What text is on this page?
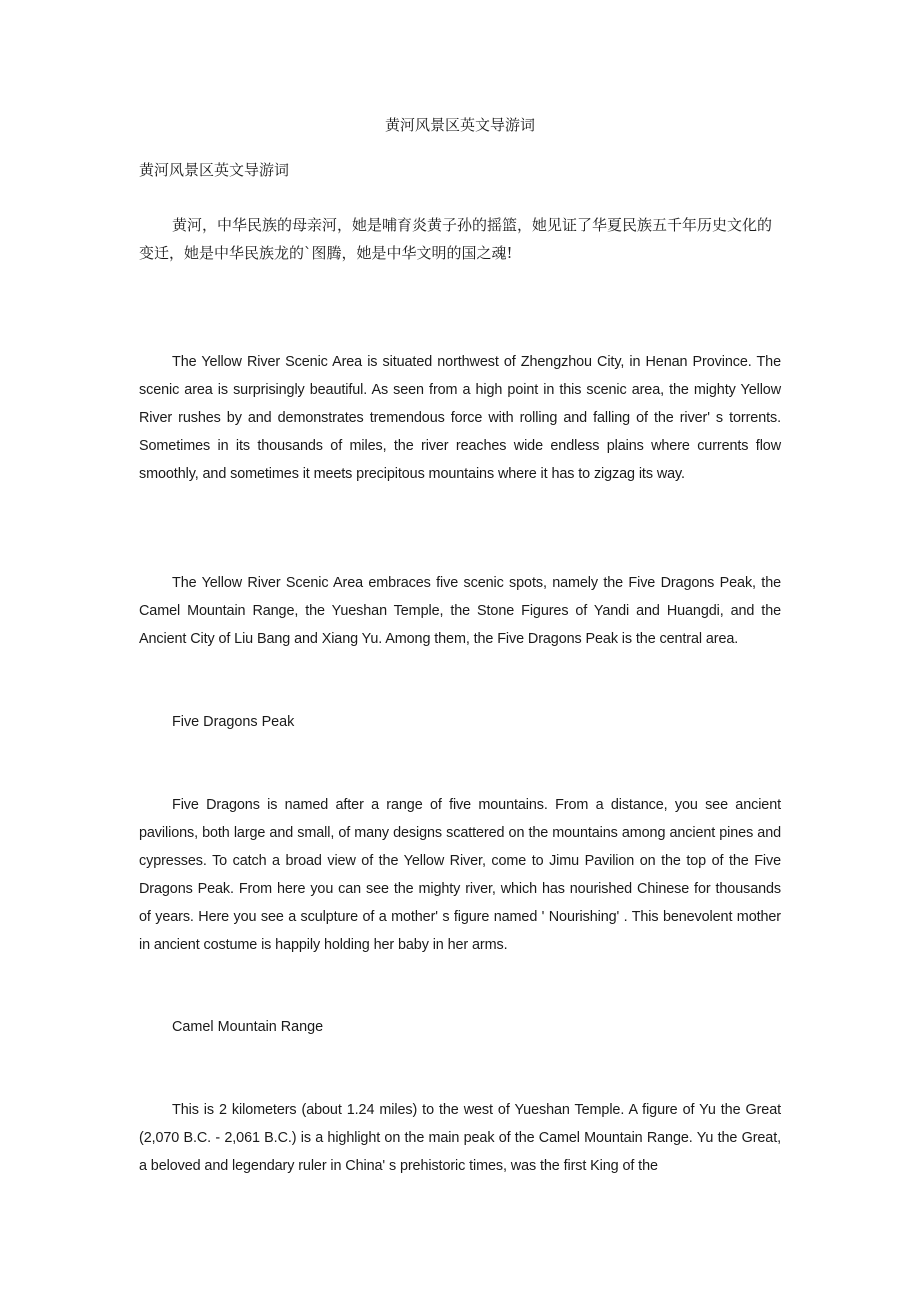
黄河风景区英文导游词
黄河风景区英文导游词

黄河，中华民族的母亲河，她是哺育炎黄子孙的摇篮，她见证了华夏民族五千年历史文化的变迁，她是中华民族龙的`图腾，她是中华文明的国之魂!

The Yellow River Scenic Area is situated northwest of Zhengzhou City, in Henan Province. The scenic area is surprisingly beautiful. As seen from a high point in this scenic area, the mighty Yellow River rushes by and demonstrates tremendous force with rolling and falling of the river' s torrents. Sometimes in its thousands of miles, the river reaches wide endless plains where currents flow smoothly, and sometimes it meets precipitous mountains where it has to zigzag its way.

The Yellow River Scenic Area embraces five scenic spots, namely the Five Dragons Peak, the Camel Mountain Range, the Yueshan Temple, the Stone Figures of Yandi and Huangdi, and the Ancient City of Liu Bang and Xiang Yu. Among them, the Five Dragons Peak is the central area.

Five Dragons Peak

Five Dragons is named after a range of five mountains. From a distance, you see ancient pavilions, both large and small, of many designs scattered on the mountains among ancient pines and cypresses. To catch a broad view of the Yellow River, come to Jimu Pavilion on the top of the Five Dragons Peak. From here you can see the mighty river, which has nourished Chinese for thousands of years. Here you see a sculpture of a mother' s figure named ' Nourishing' . This benevolent mother in ancient costume is happily holding her baby in her arms.

Camel Mountain Range

This is 2 kilometers (about 1.24 miles) to the west of Yueshan Temple. A figure of Yu the Great (2,070 B.C. - 2,061 B.C.) is a highlight on the main peak of the Camel Mountain Range. Yu the Great, a beloved and legendary ruler in China' s prehistoric times, was the first King of the
